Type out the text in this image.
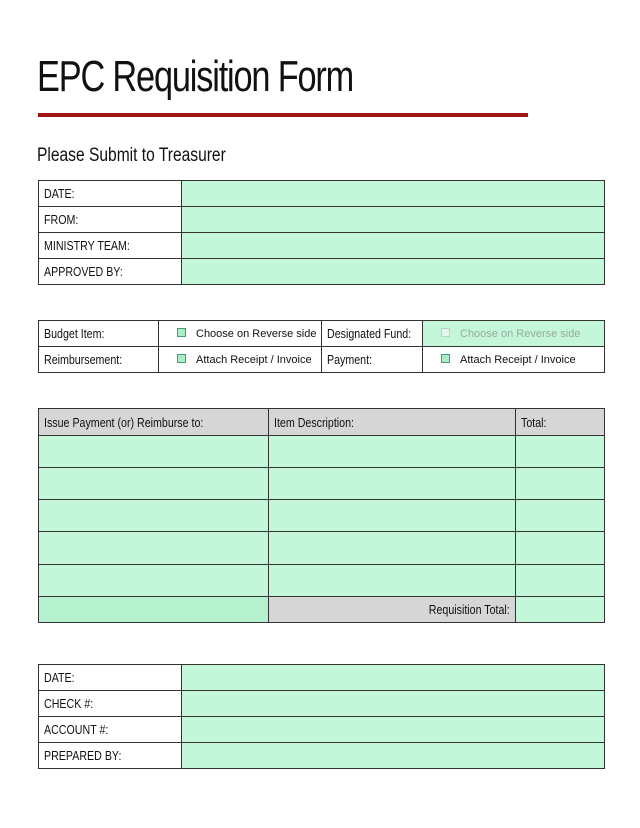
EPC Requisition Form
Please Submit to Treasurer
DATE:	
FROM:	
MINISTRY TEAM:	
APPROVED BY:	
Budget Item:	Choose on Reverse side	Designated Fund:	Choose on Reverse side
Reimbursement:	Attach Receipt / Invoice	Payment:	Attach Receipt / Invoice
Issue Payment (or) Reimburse to:	Item Description:	Total:

	Requisition Total:	
DATE:	
CHECK #:	
ACCOUNT #:	
PREPARED BY:	
